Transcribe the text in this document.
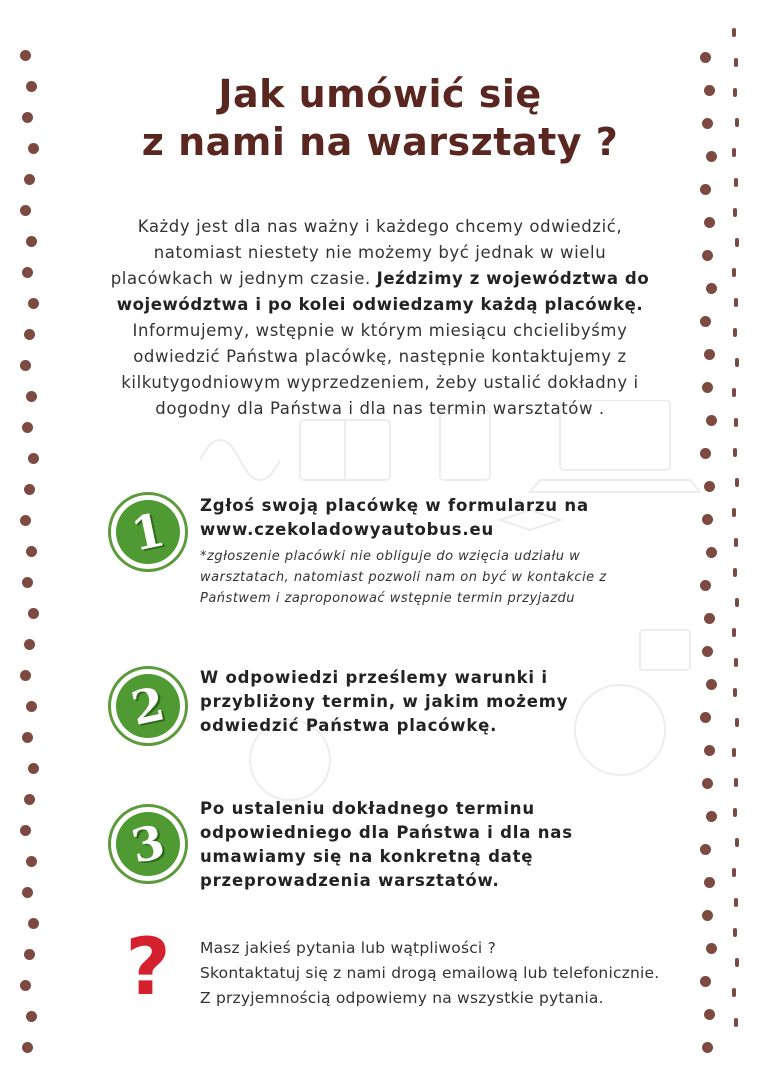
Jak umówić się
z nami na warsztaty ?
Każdy jest dla nas ważny i każdego chcemy odwiedzić, natomiast niestety nie możemy być jednak w wielu placówkach w jednym czasie. Jeździmy z województwa do województwa i po kolei odwiedzamy każdą placówkę. Informujemy, wstępnie w którym miesiącu chcielibyśmy odwiedzić Państwa placówkę, następnie kontaktujemy z kilkutygodniowym wyprzedzeniem, żeby ustalić dokładny i dogodny dla Państwa i dla nas termin warsztatów .
1	Zgłoś swoją placówkę w formularzu na
www.czekoladowyautobus.eu
*zgłoszenie placówki nie obliguje do wzięcia udziału w warsztatach, natomiast pozwoli nam on być w kontakcie z Państwem i zaproponować wstępnie termin przyjazdu
2	W odpowiedzi prześlemy warunki i przybliżony termin, w jakim możemy odwiedzić Państwa placówkę.
3
Po ustaleniu dokładnego terminu odpowiedniego dla Państwa i dla nas umawiamy się na konkretną datę przeprowadzenia warsztatów.
?	Masz jakieś pytania lub wątpliwości ?
Skontaktatuj się z nami drogą emailową lub telefonicznie.
Z przyjemnością odpowiemy na wszystkie pytania.
